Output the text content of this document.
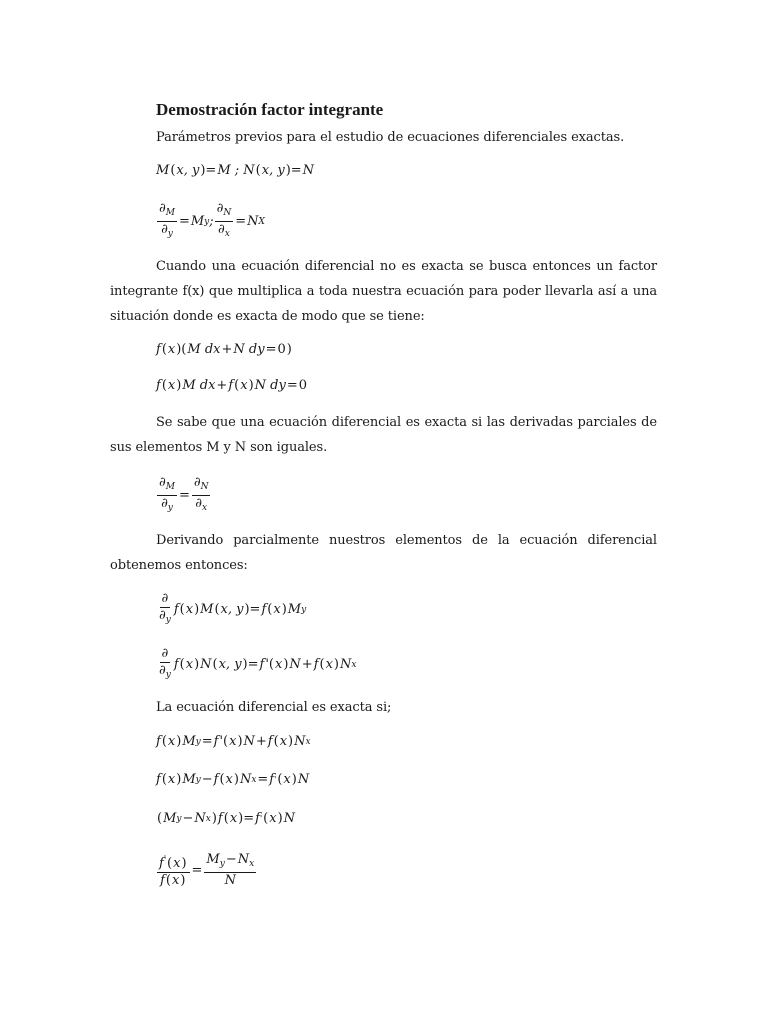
Demostración factor integrante
Parámetros previos para el estudio de ecuaciones diferenciales exactas.
M ( x, y )= M ; N ( x, y )= N
$\frac{\partial_M}{\partial_y} = M$ y ; $\frac{\partial_N}{\partial_x} = N$ X
Cuando una ecuación diferencial no es exacta se busca entonces un factor integrante f(x) que multiplica a toda nuestra ecuación para poder llevarla así a una situación donde es exacta de modo que se tiene:
f ( x )( M dx + N dy = 0 )
f ( x ) M dx + f ( x ) N dy = 0
Se sabe que una ecuación diferencial es exacta si las derivadas parciales de sus elementos M y N son iguales.
$\frac{\partial_M}{\partial_y} = \frac{\partial_N}{\partial_x}$
Derivando parcialmente nuestros elementos de la ecuación diferencial obtenemos entonces:
$\frac{\partial}{\partial_y}$ f ( x ) M ( x, y )= f ( x ) M y
$\frac{\partial}{\partial_y}$ f ( x ) N ( x, y )= f '( x ) N + f ( x ) N x
La ecuación diferencial es exacta si;
f ( x ) M y = f '( x ) N + f ( x ) N x
f ( x ) M y − f ( x ) N x = f ' ( x ) N
( M y − N x ) f ( x )= f ' ( x ) N
$\frac{f'(x)}{f(x)} = \frac{M_y-N_x}{N}$
